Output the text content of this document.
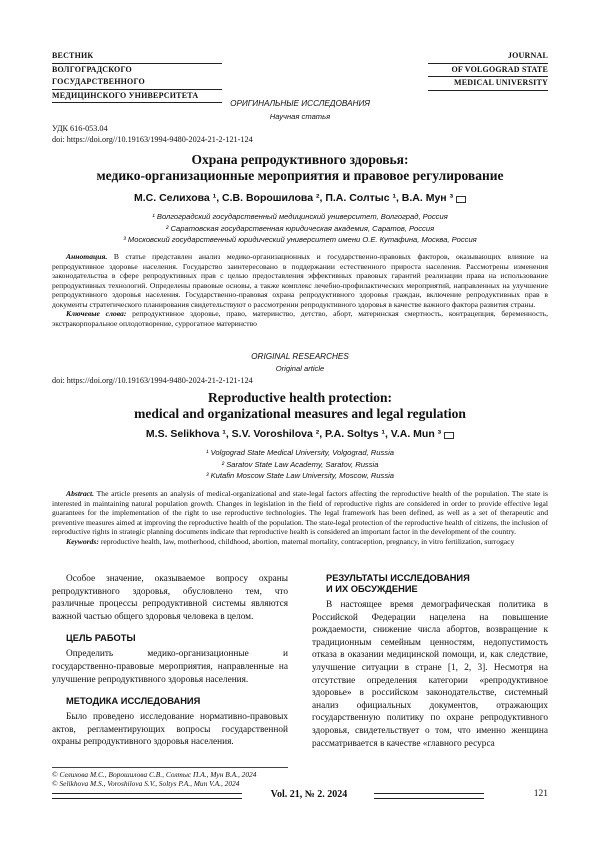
ВЕСТНИК
ВОЛГОГРАДСКОГО ГОСУДАРСТВЕННОГО
МЕДИЦИНСКОГО УНИВЕРСИТЕТА
JOURNAL
OF VOLGOGRAD STATE
MEDICAL UNIVERSITY
ОРИГИНАЛЬНЫЕ ИССЛЕДОВАНИЯ
Научная статья
УДК 616-053.04
doi: https://doi.org//10.19163/1994-9480-2024-21-2-121-124
Охрана репродуктивного здоровья:
медико-организационные мероприятия и правовое регулирование
М.С. Селихова ¹, С.В. Ворошилова ², П.А. Солтыс ¹, В.А. Мун ³
¹ Волгоградский государственный медицинский университет, Волгоград, Россия
² Саратовская государственная юридическая академия, Саратов, Россия
³ Московский государственный юридический университет имени О.Е. Кутафина, Москва, Россия

Аннотация. В статье представлен анализ медико-организационных и государственно-правовых факторов, оказывающих влияние на репродуктивное здоровье населения. Государство заинтересовано в поддержании естественного прироста населения. Рассмотрены изменения законодательства в сфере репродуктивных прав с целью предоставления эффективных правовых гарантий реализации права на использование репродуктивных технологий. Определены правовые основы, а также комплекс лечебно-профилактических мероприятий, направленных на улучшение репродуктивного здоровья населения. Государственно-правовая охрана репродуктивного здоровья граждан, включение репродуктивных прав в документы стратегического планирования свидетельствуют о рассмотрении репродуктивного здоровья в качестве важного фактора развития страны.

Ключевые слова: репродуктивное здоровье, право, материнство, детство, аборт, материнская смертность, контрацепция, беременность, экстракорпоральное оплодотворение, суррогатное материнство

ORIGINAL RESEARCHES
Original article
doi: https://doi.org//10.19163/1994-9480-2024-21-2-121-124
Reproductive health protection:
medical and organizational measures and legal regulation
M.S. Selikhova ¹, S.V. Voroshilova ², P.A. Soltys ¹, V.A. Mun ³
¹ Volgograd State Medical University, Volgograd, Russia
² Saratov State Law Academy, Saratov, Russia
³ Kutafin Moscow State Law University, Moscow, Russia

Abstract. The article presents an analysis of medical-organizational and state-legal factors affecting the reproductive health of the population. The state is interested in maintaining natural population growth. Changes in legislation in the field of reproductive rights are considered in order to provide effective legal guarantees for the implementation of the right to use reproductive technologies. The legal framework has been defined, as well as a set of therapeutic and preventive measures aimed at improving the reproductive health of the population. The state-legal protection of the reproductive health of citizens, the inclusion of reproductive rights in strategic planning documents indicate that reproductive health is considered an important factor in the development of the country.

Keywords: reproductive health, law, motherhood, childhood, abortion, maternal mortality, contraception, pregnancy, in vitro fertilization, surrogacy

Особое значение, оказываемое вопросу охраны репродуктивного здоровья, обусловлено тем, что различные процессы репродуктивной системы являются важной частью общего здоровья человека в целом.

ЦЕЛЬ РАБОТЫ

Определить медико-организационные и государственно-правовые мероприятия, направленные на улучшение репродуктивного здоровья населения.

МЕТОДИКА ИССЛЕДОВАНИЯ

Было проведено исследование нормативно-правовых актов, регламентирующих вопросы государственной охраны репродуктивного здоровья населения.

© Селихова М.С., Ворошилова С.В., Солтыс П.А., Мун В.А., 2024
© Selikhova M.S., Voroshilova S.V., Soltys P.A., Mun V.A., 2024
РЕЗУЛЬТАТЫ ИССЛЕДОВАНИЯ
И ИХ ОБСУЖДЕНИЕ

В настоящее время демографическая политика в Российской Федерации нацелена на повышение рождаемости, снижение числа абортов, возвращение к традиционным семейным ценностям, недопустимость отказа в оказании медицинской помощи, и, как следствие, улучшение ситуации в стране [1, 2, 3]. Несмотря на отсутствие определения категории «репродуктивное здоровье» в российском законодательстве, системный анализ официальных документов, отражающих государственную политику по охране репродуктивного здоровья, свидетельствует о том, что именно женщина рассматривается в качестве «главного ресурса

Vol. 21, № 2. 2024	121
